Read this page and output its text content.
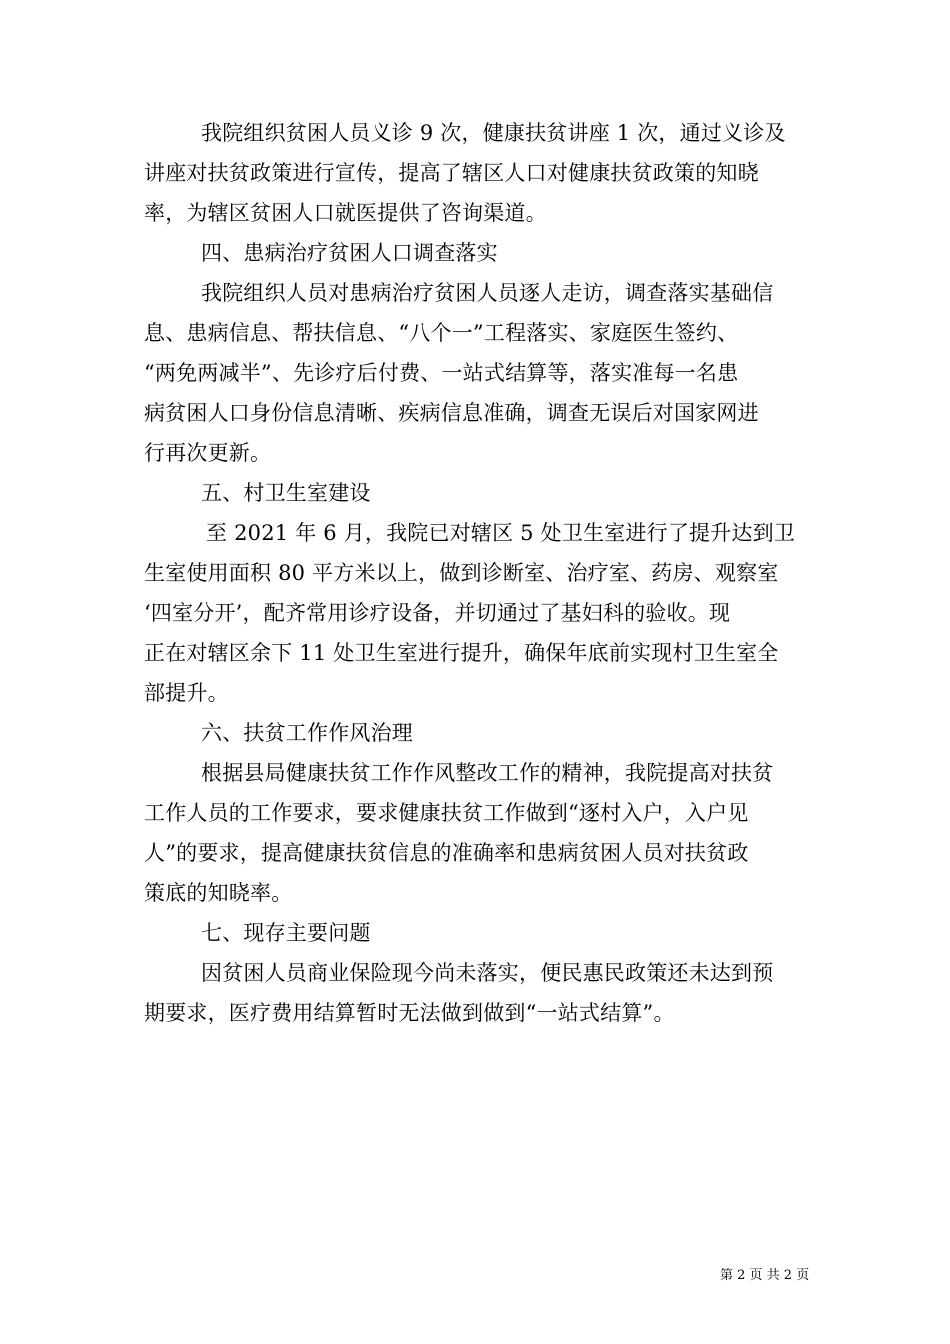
我院组织贫困人员义诊 9 次，健康扶贫讲座 1 次，通过义诊及
讲座对扶贫政策进行宣传，提高了辖区人口对健康扶贫政策的知晓
率，为辖区贫困人口就医提供了咨询渠道。
四、患病治疗贫困人口调查落实
我院组织人员对患病治疗贫困人员逐人走访，调查落实基础信
息、患病信息、帮扶信息、“八个一”工程落实、家庭医生签约、
“两免两减半”、先诊疗后付费、一站式结算等，落实准每一名患
病贫困人口身份信息清晰、疾病信息准确，调查无误后对国家网进
行再次更新。
五、村卫生室建设
至 2021 年 6 月，我院已对辖区 5 处卫生室进行了提升达到卫
生室使用面积 80 平方米以上，做到诊断室、治疗室、药房、观察室
‘四室分开’，配齐常用诊疗设备，并切通过了基妇科的验收。现
正在对辖区余下 11 处卫生室进行提升，确保年底前实现村卫生室全
部提升。
六、扶贫工作作风治理
根据县局健康扶贫工作作风整改工作的精神，我院提高对扶贫
工作人员的工作要求，要求健康扶贫工作做到“逐村入户，入户见
人”的要求，提高健康扶贫信息的准确率和患病贫困人员对扶贫政
策底的知晓率。
七、现存主要问题
因贫困人员商业保险现今尚未落实，便民惠民政策还未达到预
期要求，医疗费用结算暂时无法做到做到“一站式结算”。
第 2 页 共 2 页
